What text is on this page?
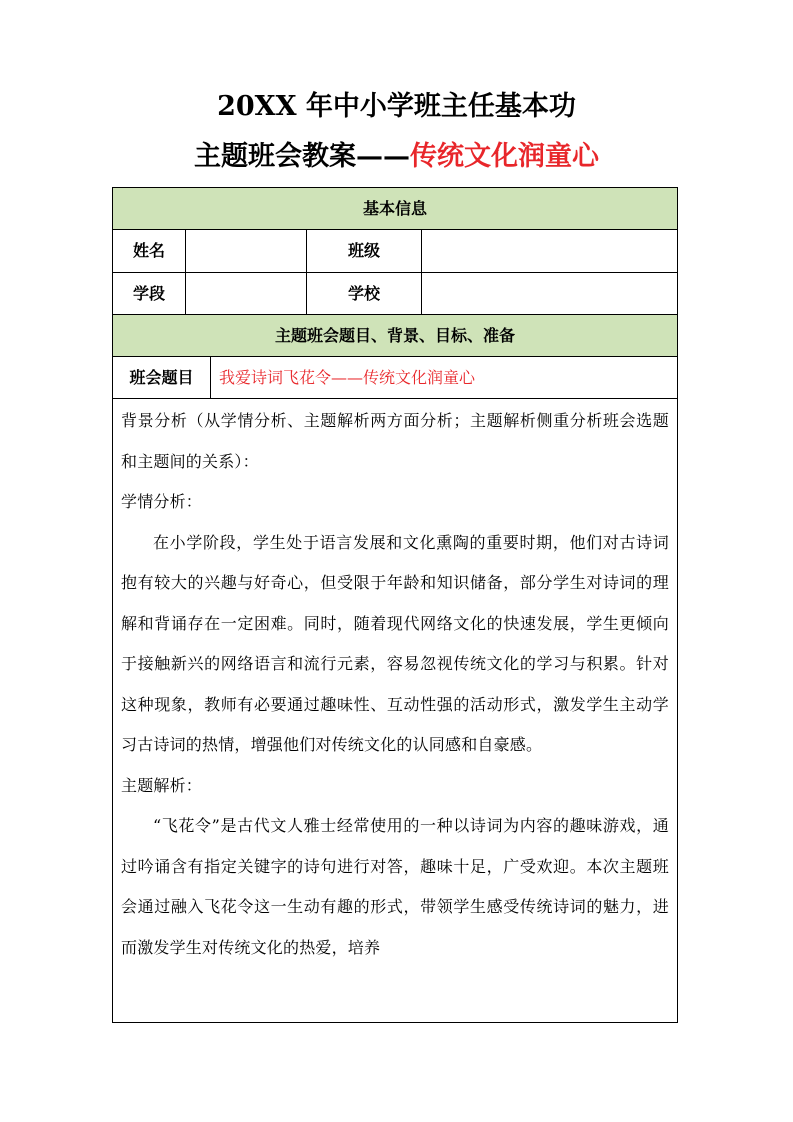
20XX 年中小学班主任基本功
主题班会教案——传统文化润童心
基本信息
姓名	班级
学段	学校
主题班会题目、背景、目标、准备
班会题目	我爱诗词飞花令——传统文化润童心

背景分析（从学情分析、主题解析两方面分析；主题解析侧重分析班会选题和主题间的关系）：

学情分析：

在小学阶段，学生处于语言发展和文化熏陶的重要时期，他们对古诗词抱有较大的兴趣与好奇心，但受限于年龄和知识储备，部分学生对诗词的理解和背诵存在一定困难。同时，随着现代网络文化的快速发展，学生更倾向于接触新兴的网络语言和流行元素，容易忽视传统文化的学习与积累。针对这种现象，教师有必要通过趣味性、互动性强的活动形式，激发学生主动学习古诗词的热情，增强他们对传统文化的认同感和自豪感。

主题解析：

“飞花令”是古代文人雅士经常使用的一种以诗词为内容的趣味游戏，通过吟诵含有指定关键字的诗句进行对答，趣味十足，广受欢迎。本次主题班会通过融入飞花令这一生动有趣的形式，带领学生感受传统诗词的魅力，进而激发学生对传统文化的热爱，培养
